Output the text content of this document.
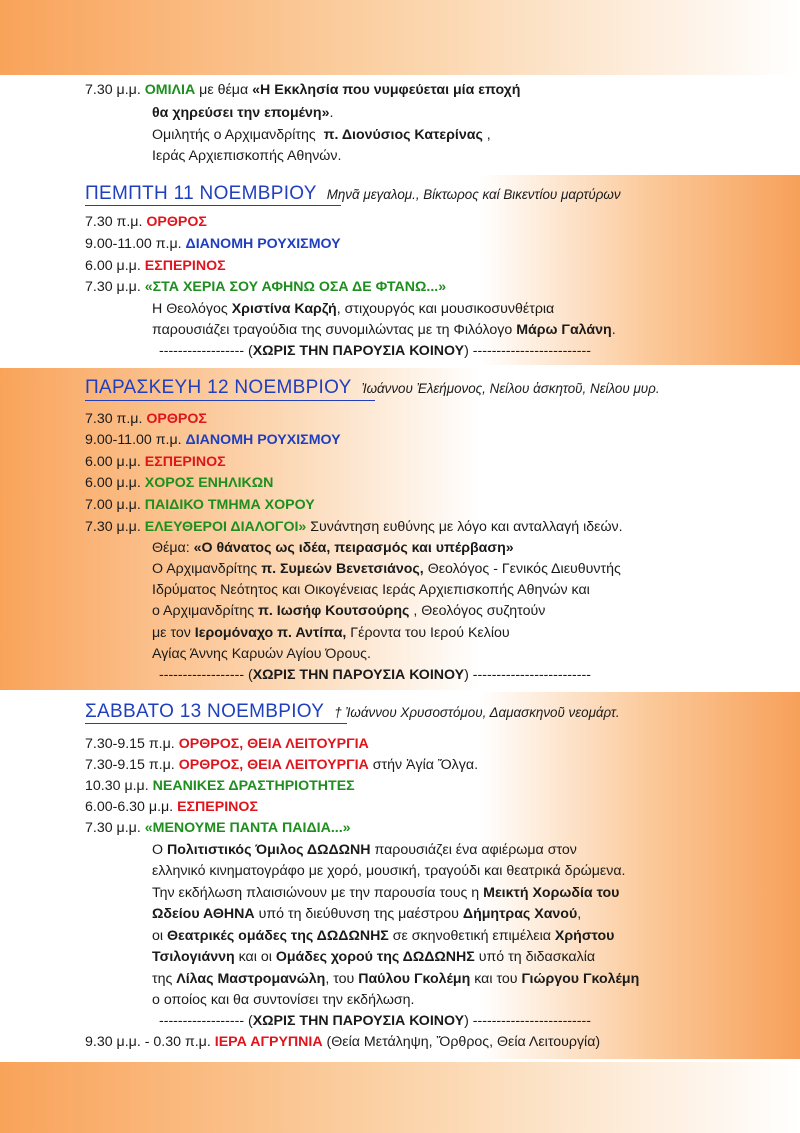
7.30 μ.μ. ΟΜΙΛΙΑ με θέμα «Η Εκκλησία που νυμφεύεται μία εποχή
θα χηρεύσει την επομένη».
Ομιλητής ο Αρχιμανδρίτης π. Διονύσιος Κατερίνας ,
Ιεράς Αρχιεπισκοπής Αθηνών.
ΠΕΜΠΤΗ 11 ΝΟΕΜΒΡΙΟΥ Μηνᾶ μεγαλομ., Βίκτωρος καί Βικεντίου μαρτύρων
7.30 π.μ. ΟΡΘΡΟΣ
9.00-11.00 π.μ. ΔΙΑΝΟΜΗ ΡΟΥΧΙΣΜΟΥ
6.00 μ.μ. ΕΣΠΕΡΙΝΟΣ
7.30 μ.μ. «ΣΤΑ ΧΕΡΙΑ ΣΟΥ ΑΦΗΝΩ ΟΣΑ ΔΕ ΦΤΑΝΩ...»
Η Θεολόγος Χριστίνα Καρζή, στιχουργός και μουσικοσυνθέτρια
παρουσιάζει τραγούδια της συνομιλώντας με τη Φιλόλογο Μάρω Γαλάνη.
------------------ (ΧΩΡΙΣ ΤΗΝ ΠΑΡΟΥΣΙΑ ΚΟΙΝΟΥ) -------------------------
ΠΑΡΑΣΚΕΥΗ 12 ΝΟΕΜΒΡΙΟΥ Ἰωάννου Ἐλεήμονος, Νείλου ἀσκητοῦ, Νείλου μυρ.
7.30 π.μ. ΟΡΘΡΟΣ
9.00-11.00 π.μ. ΔΙΑΝΟΜΗ ΡΟΥΧΙΣΜΟΥ
6.00 μ.μ. ΕΣΠΕΡΙΝΟΣ
6.00 μ.μ. ΧΟΡΟΣ ΕΝΗΛΙΚΩΝ
7.00 μ.μ. ΠΑΙΔΙΚΟ ΤΜΗΜΑ ΧΟΡΟΥ
7.30 μ.μ. ΕΛΕΥΘΕΡΟΙ ΔΙΑΛΟΓΟΙ» Συνάντηση ευθύνης με λόγο και ανταλλαγή ιδεών.
Θέμα: «Ο θάνατος ως ιδέα, πειρασμός και υπέρβαση»
Ο Αρχιμανδρίτης π. Συμεών Βενετσιάνος, Θεολόγος - Γενικός Διευθυντής
Ιδρύματος Νεότητος και Οικογένειας Ιεράς Αρχιεπισκοπής Αθηνών και
ο Αρχιμανδρίτης π. Ιωσήφ Κουτσούρης , Θεολόγος συζητούν
με τον Ιερομόναχο π. Αντίπα, Γέροντα του Ιερού Κελίου
Αγίας Άννης Καρυών Αγίου Όρους.
------------------ (ΧΩΡΙΣ ΤΗΝ ΠΑΡΟΥΣΙΑ ΚΟΙΝΟΥ) -------------------------
ΣΑΒΒΑΤΟ 13 ΝΟΕΜΒΡΙΟΥ † Ἰωάννου Χρυσοστόμου, Δαμασκηνοῦ νεομάρτ.
7.30-9.15 π.μ. ΟΡΘΡΟΣ, ΘΕΙΑ ΛΕΙΤΟΥΡΓΙΑ
7.30-9.15 π.μ. ΟΡΘΡΟΣ, ΘΕΙΑ ΛΕΙΤΟΥΡΓΙΑ στήν Ἁγία Ὄλγα.
10.30 μ.μ. ΝΕΑΝΙΚΕΣ ΔΡΑΣΤΗΡΙΟΤΗΤΕΣ
6.00-6.30 μ.μ. ΕΣΠΕΡΙΝΟΣ
7.30 μ.μ. «ΜΕΝΟΥΜΕ ΠΑΝΤΑ ΠΑΙΔΙΑ...»
Ο Πολιτιστικός Όμιλος ΔΩΔΩΝΗ παρουσιάζει ένα αφιέρωμα στον
ελληνικό κινηματογράφο με χορό, μουσική, τραγούδι και θεατρικά δρώμενα.
Την εκδήλωση πλαισιώνουν με την παρουσία τους η Μεικτή Χορωδία του
Ωδείου ΑΘΗΝΑ υπό τη διεύθυνση της μαέστρου Δήμητρας Χανού,
οι Θεατρικές ομάδες της ΔΩΔΩΝΗΣ σε σκηνοθετική επιμέλεια Χρήστου
Τσιλογιάννη και οι Ομάδες χορού της ΔΩΔΩΝΗΣ υπό τη διδασκαλία
της Λίλας Μαστρομανώλη, του Παύλου Γκολέμη και του Γιώργου Γκολέμη
ο οποίος και θα συντονίσει την εκδήλωση.
------------------ (ΧΩΡΙΣ ΤΗΝ ΠΑΡΟΥΣΙΑ ΚΟΙΝΟΥ) -------------------------
9.30 μ.μ. - 0.30 π.μ. ΙΕΡΑ ΑΓΡΥΠΝΙΑ (Θεία Μετάληψη, Ὄρθρος, Θεία Λειτουργία)
